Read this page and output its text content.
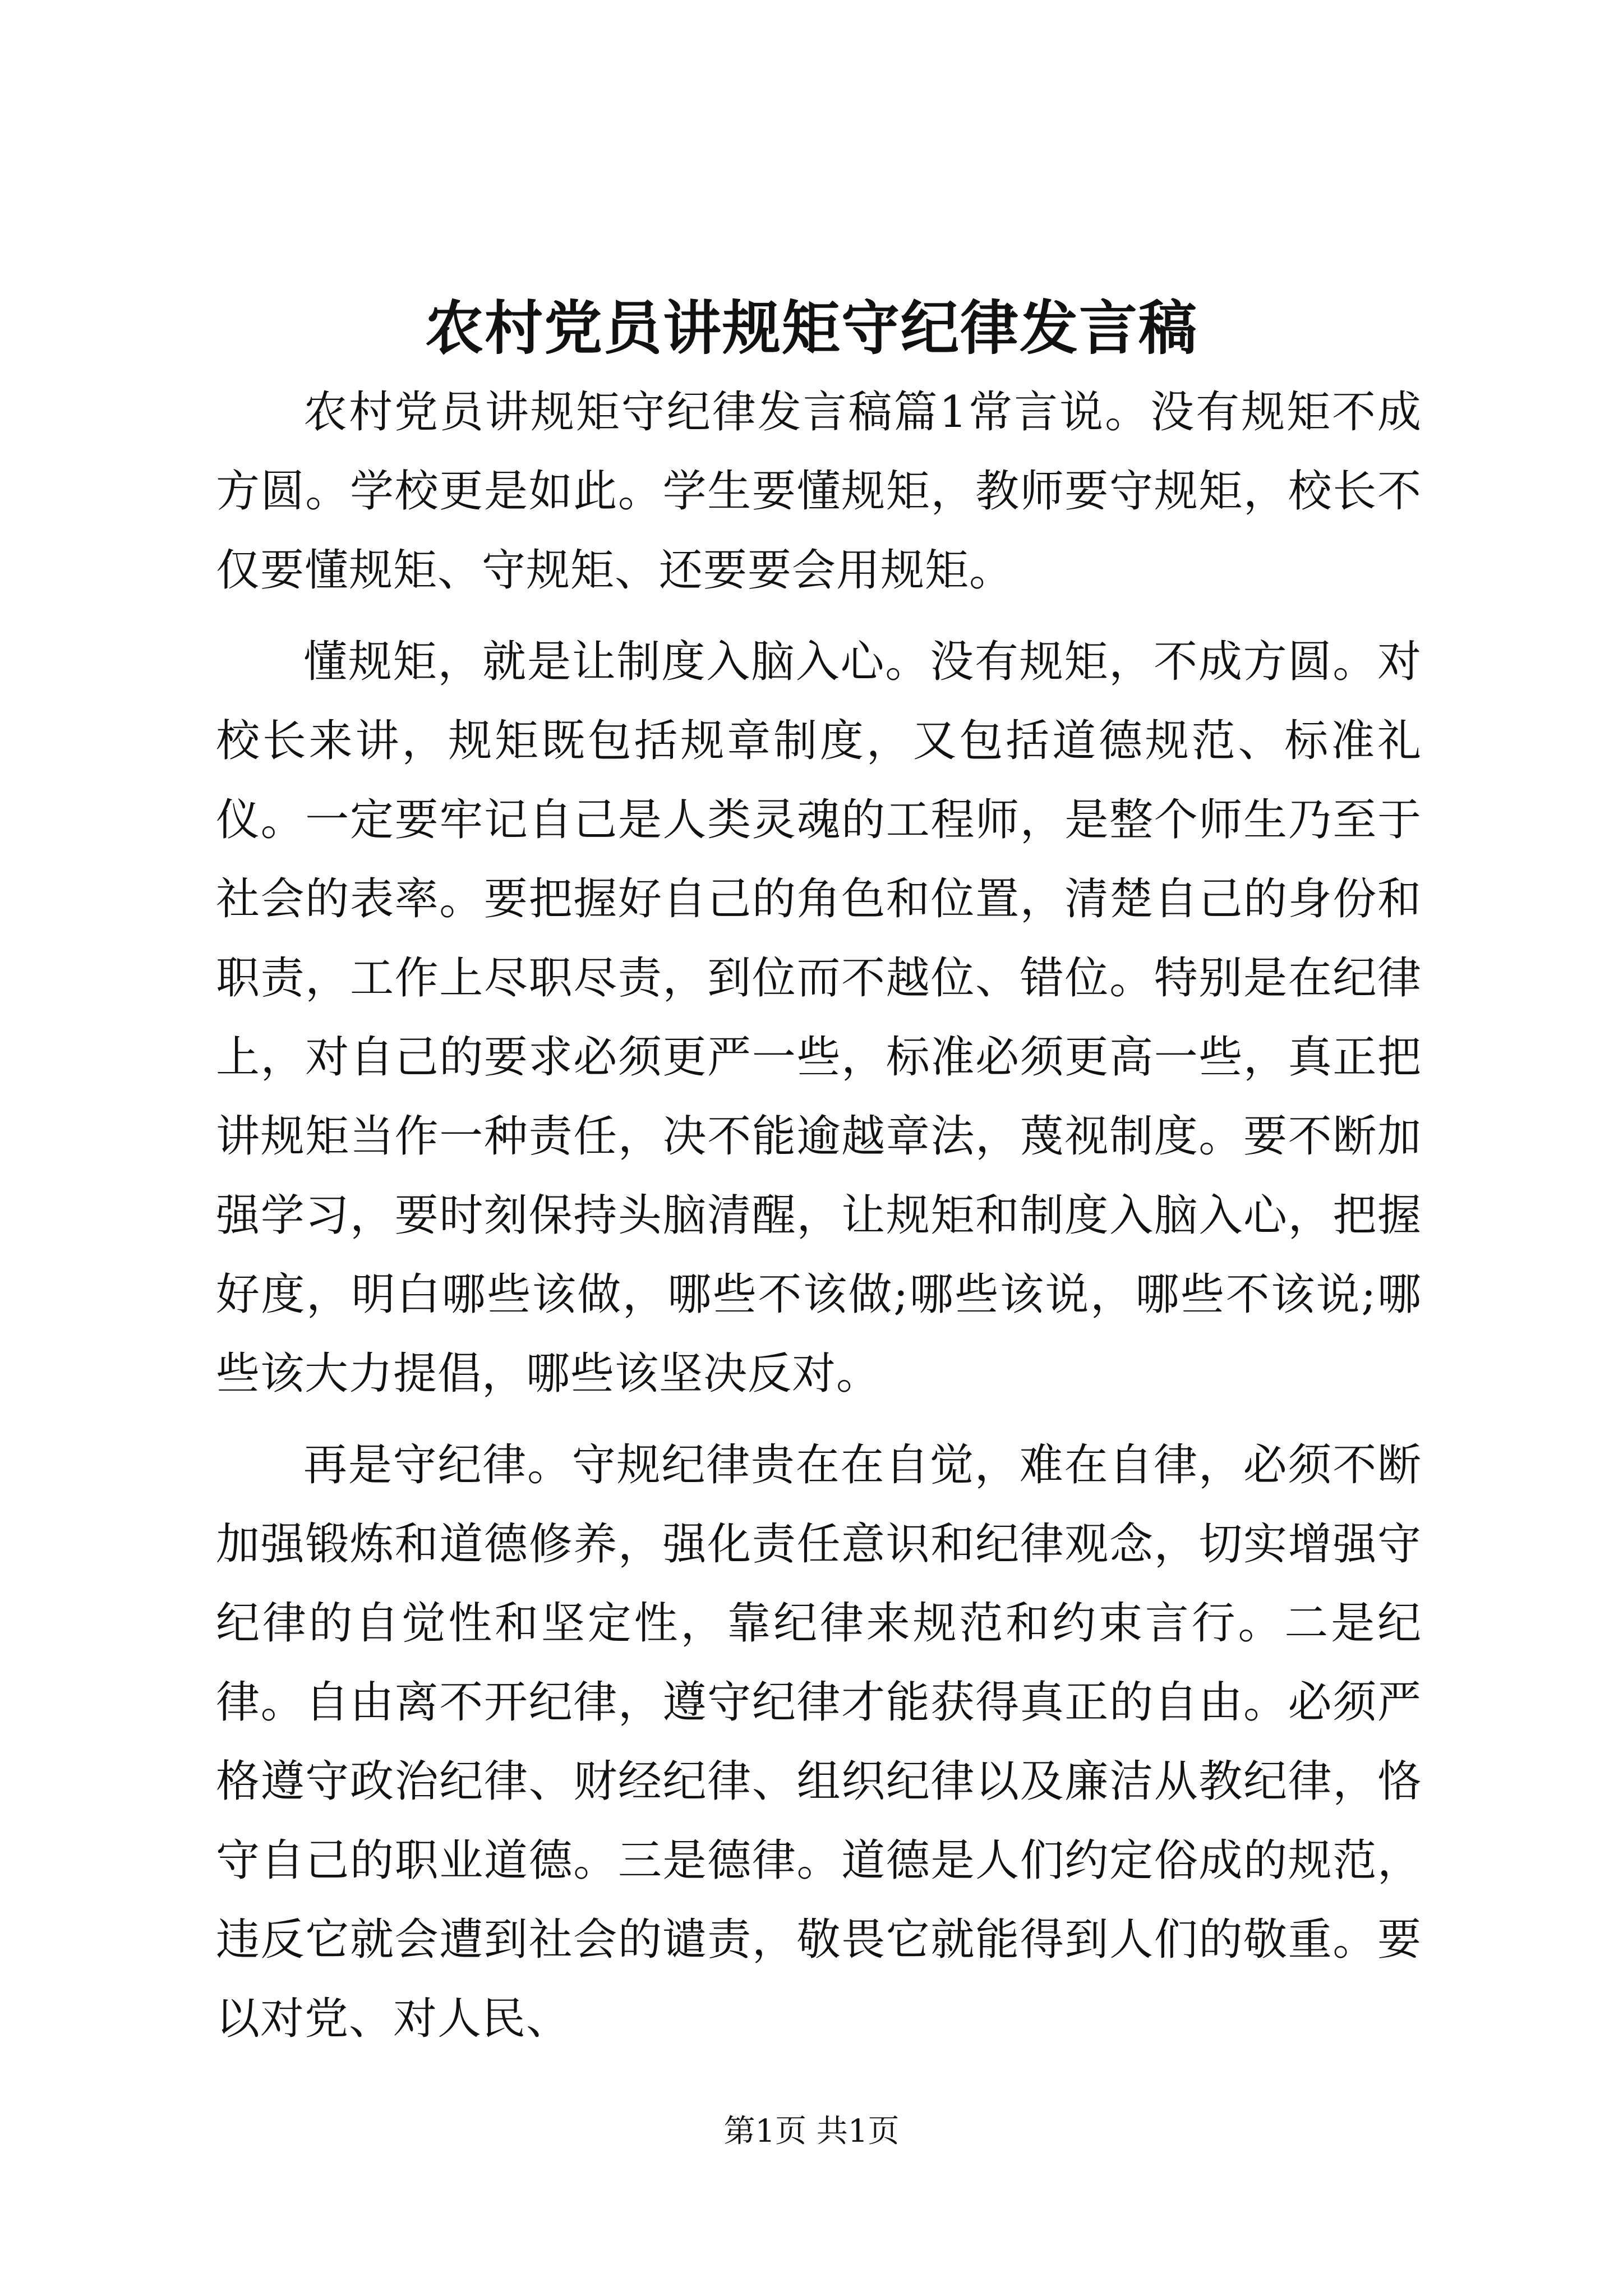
农村党员讲规矩守纪律发言稿

农村党员讲规矩守纪律发言稿篇1常言说。没有规矩不成方圆。学校更是如此。学生要懂规矩，教师要守规矩，校长不仅要懂规矩、守规矩、还要要会用规矩。

懂规矩，就是让制度入脑入心。没有规矩，不成方圆。对校长来讲，规矩既包括规章制度，又包括道德规范、标准礼仪。一定要牢记自己是人类灵魂的工程师，是整个师生乃至于社会的表率。要把握好自己的角色和位置，清楚自己的身份和职责，工作上尽职尽责，到位而不越位、错位。特别是在纪律上，对自己的要求必须更严一些，标准必须更高一些，真正把讲规矩当作一种责任，决不能逾越章法，蔑视制度。要不断加强学习，要时刻保持头脑清醒，让规矩和制度入脑入心，把握好度，明白哪些该做，哪些不该做;哪些该说，哪些不该说;哪些该大力提倡，哪些该坚决反对。

再是守纪律。守规纪律贵在在自觉，难在自律，必须不断加强锻炼和道德修养，强化责任意识和纪律观念，切实增强守纪律的自觉性和坚定性，靠纪律来规范和约束言行。二是纪律。自由离不开纪律，遵守纪律才能获得真正的自由。必须严格遵守政治纪律、财经纪律、组织纪律以及廉洁从教纪律，恪守自己的职业道德。三是德律。道德是人们约定俗成的规范，违反它就会遭到社会的谴责，敬畏它就能得到人们的敬重。要以对党、对人民、

第1页 共1页
